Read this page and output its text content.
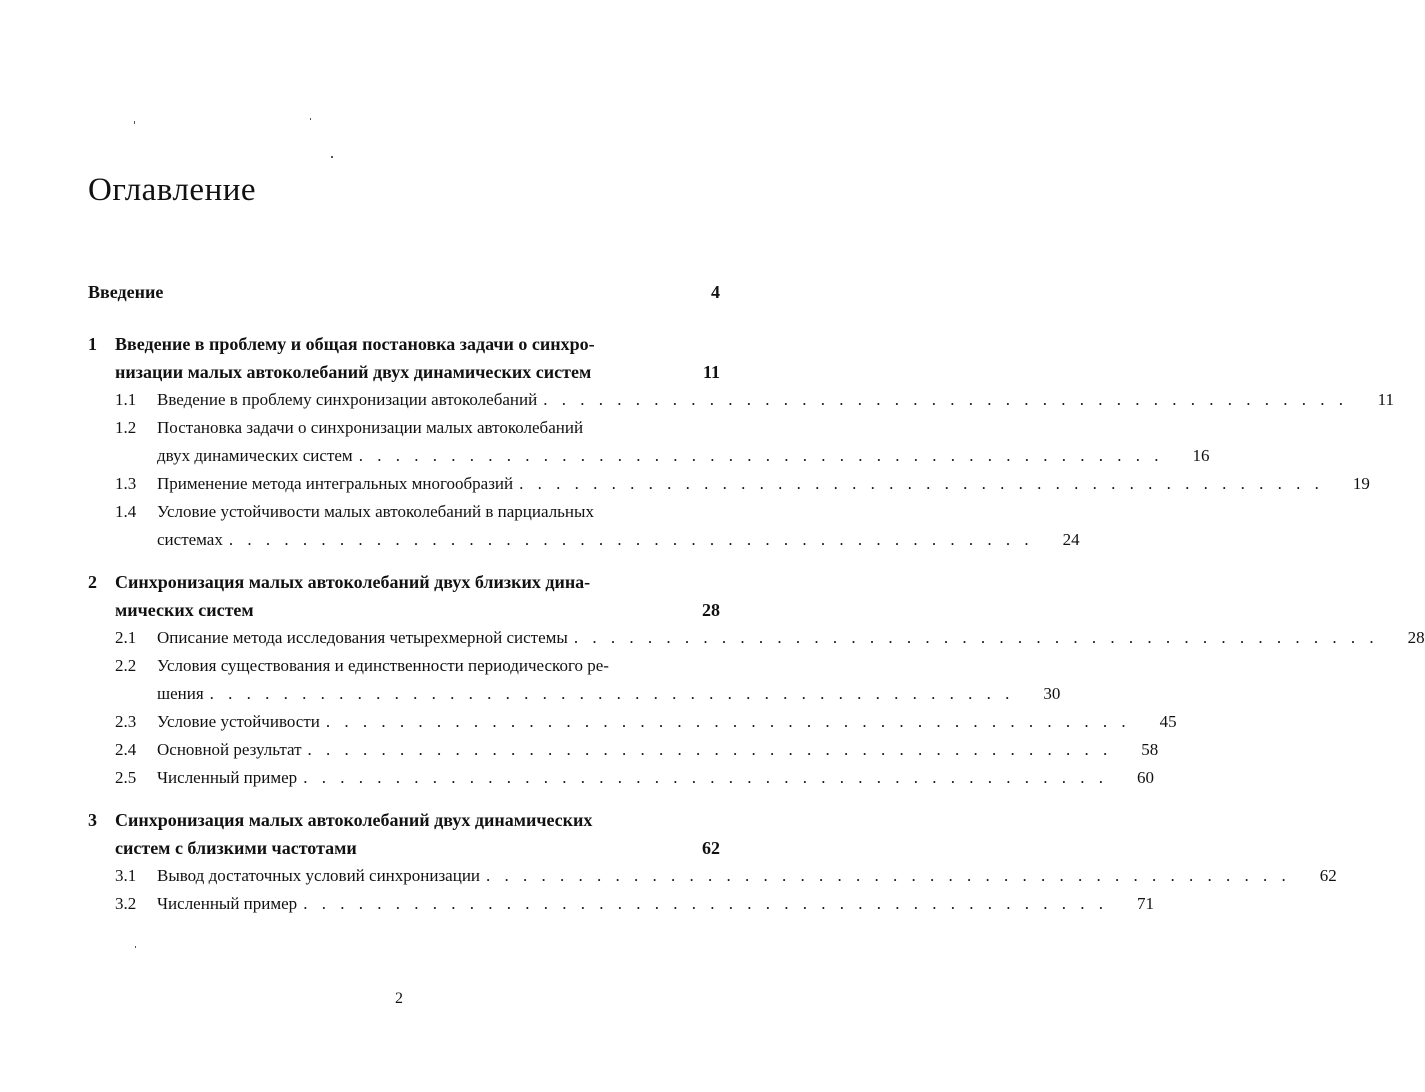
Оглавление
Введение	4
1	Введение в проблему и общая постановка задачи о синхро-
низации малых автоколебаний двух динамических систем	11
1.1	Введение в проблему синхронизации автоколебаний . . . . . . . . . . . . . . . . . . . . . . . . . . . . . . . . . . . . . . . . . . . .	11
1.2	Постановка задачи о синхронизации малых автоколебаний
двух динамических систем . . . . . . . . . . . . . . . . . . . . . . . . . . . . . . . . . . . . . . . . . . . .	16
1.3	Применение метода интегральных многообразий . . . . . . . . . . . . . . . . . . . . . . . . . . . . . . . . . . . . . . . . . . . .	19
1.4	Условие устойчивости малых автоколебаний в парциальных
системах . . . . . . . . . . . . . . . . . . . . . . . . . . . . . . . . . . . . . . . . . . . .	24
2	Синхронизация малых автоколебаний двух близких дина-
мических систем	28
2.1	Описание метода исследования четырехмерной системы . . . . . . . . . . . . . . . . . . . . . . . . . . . . . . . . . . . . . . . . . . . .	28
2.2	Условия существования и единственности периодического ре-
шения . . . . . . . . . . . . . . . . . . . . . . . . . . . . . . . . . . . . . . . . . . . .	30
2.3	Условие устойчивости . . . . . . . . . . . . . . . . . . . . . . . . . . . . . . . . . . . . . . . . . . . .	45
2.4	Основной результат . . . . . . . . . . . . . . . . . . . . . . . . . . . . . . . . . . . . . . . . . . . .	58
2.5	Численный пример . . . . . . . . . . . . . . . . . . . . . . . . . . . . . . . . . . . . . . . . . . . .	60
3	Синхронизация малых автоколебаний двух динамических
систем с близкими частотами	62
3.1	Вывод достаточных условий синхронизации . . . . . . . . . . . . . . . . . . . . . . . . . . . . . . . . . . . . . . . . . . . .	62
3.2	Численный пример . . . . . . . . . . . . . . . . . . . . . . . . . . . . . . . . . . . . . . . . . . . .	71
2
